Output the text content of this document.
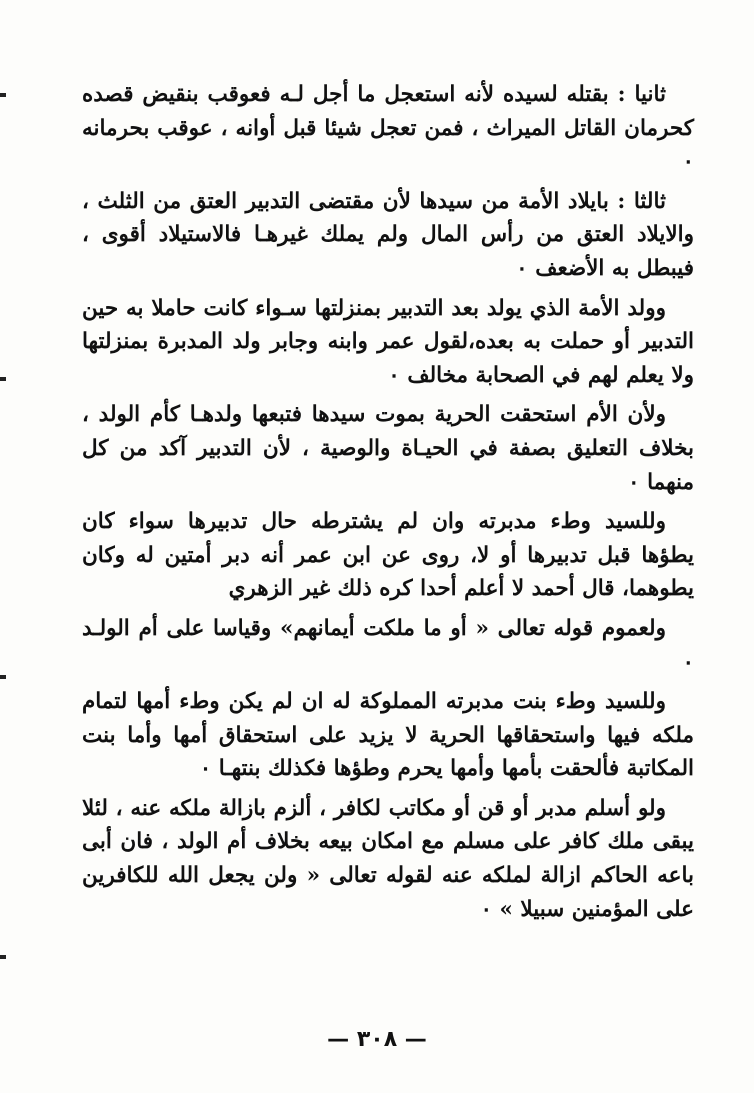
ثانيا : بقتله لسيده لأنه استعجل ما أجل لـه فعوقب بنقيض قصده كحرمان القاتل الميراث ، فمن تعجل شيئا قبل أوانه ، عوقب بحرمانه ٠

ثالثا : بايلاد الأمة من سيدها لأن مقتضى التدبير العتق من الثلث ، والايلاد العتق من رأس المال ولم يملك غيرهـا فالاستيلاد أقوى ، فيبطل به الأضعف ٠

وولد الأمة الذي يولد بعد التدبير بمنزلتها سـواء كانت حاملا به حين التدبير أو حملت به بعده،لقول عمر وابنه وجابر ولد المدبرة بمنزلتها ولا يعلم لهم في الصحابة مخالف ٠

ولأن الأم استحقت الحرية بموت سيدها فتبعها ولدهـا كأم الولد ، بخلاف التعليق بصفة في الحيـاة والوصية ، لأن التدبير آكد من كل منهما ٠

وللسيد وطء مدبرته وان لم يشترطه حال تدبيرها سواء كان يطؤها قبل تدبيرها أو لا، روى عن ابن عمر أنه دبر أمتين له وكان يطوهما، قال أحمد لا أعلم أحدا كره ذلك غير الزهري

ولعموم قوله تعالى « أو ما ملكت أيمانهم» وقياسا على أم الولـد ٠

وللسيد وطء بنت مدبرته المملوكة له ان لم يكن وطء أمها لتمام ملكه فيها واستحقاقها الحرية لا يزيد على استحقاق أمها وأما بنت المكاتبة فألحقت بأمها وأمها يحرم وطؤها فكذلك بنتهـا ٠

ولو أسلم مدبر أو قن أو مكاتب لكافر ، ألزم بازالة ملكه عنه ، لئلا يبقى ملك كافر على مسلم مع امكان بيعه بخلاف أم الولد ، فان أبى باعه الحاكم ازالة لملكه عنه لقوله تعالى « ولن يجعل الله للكافرين على المؤمنين سبيلا » ٠

— ٣٠٨ —
